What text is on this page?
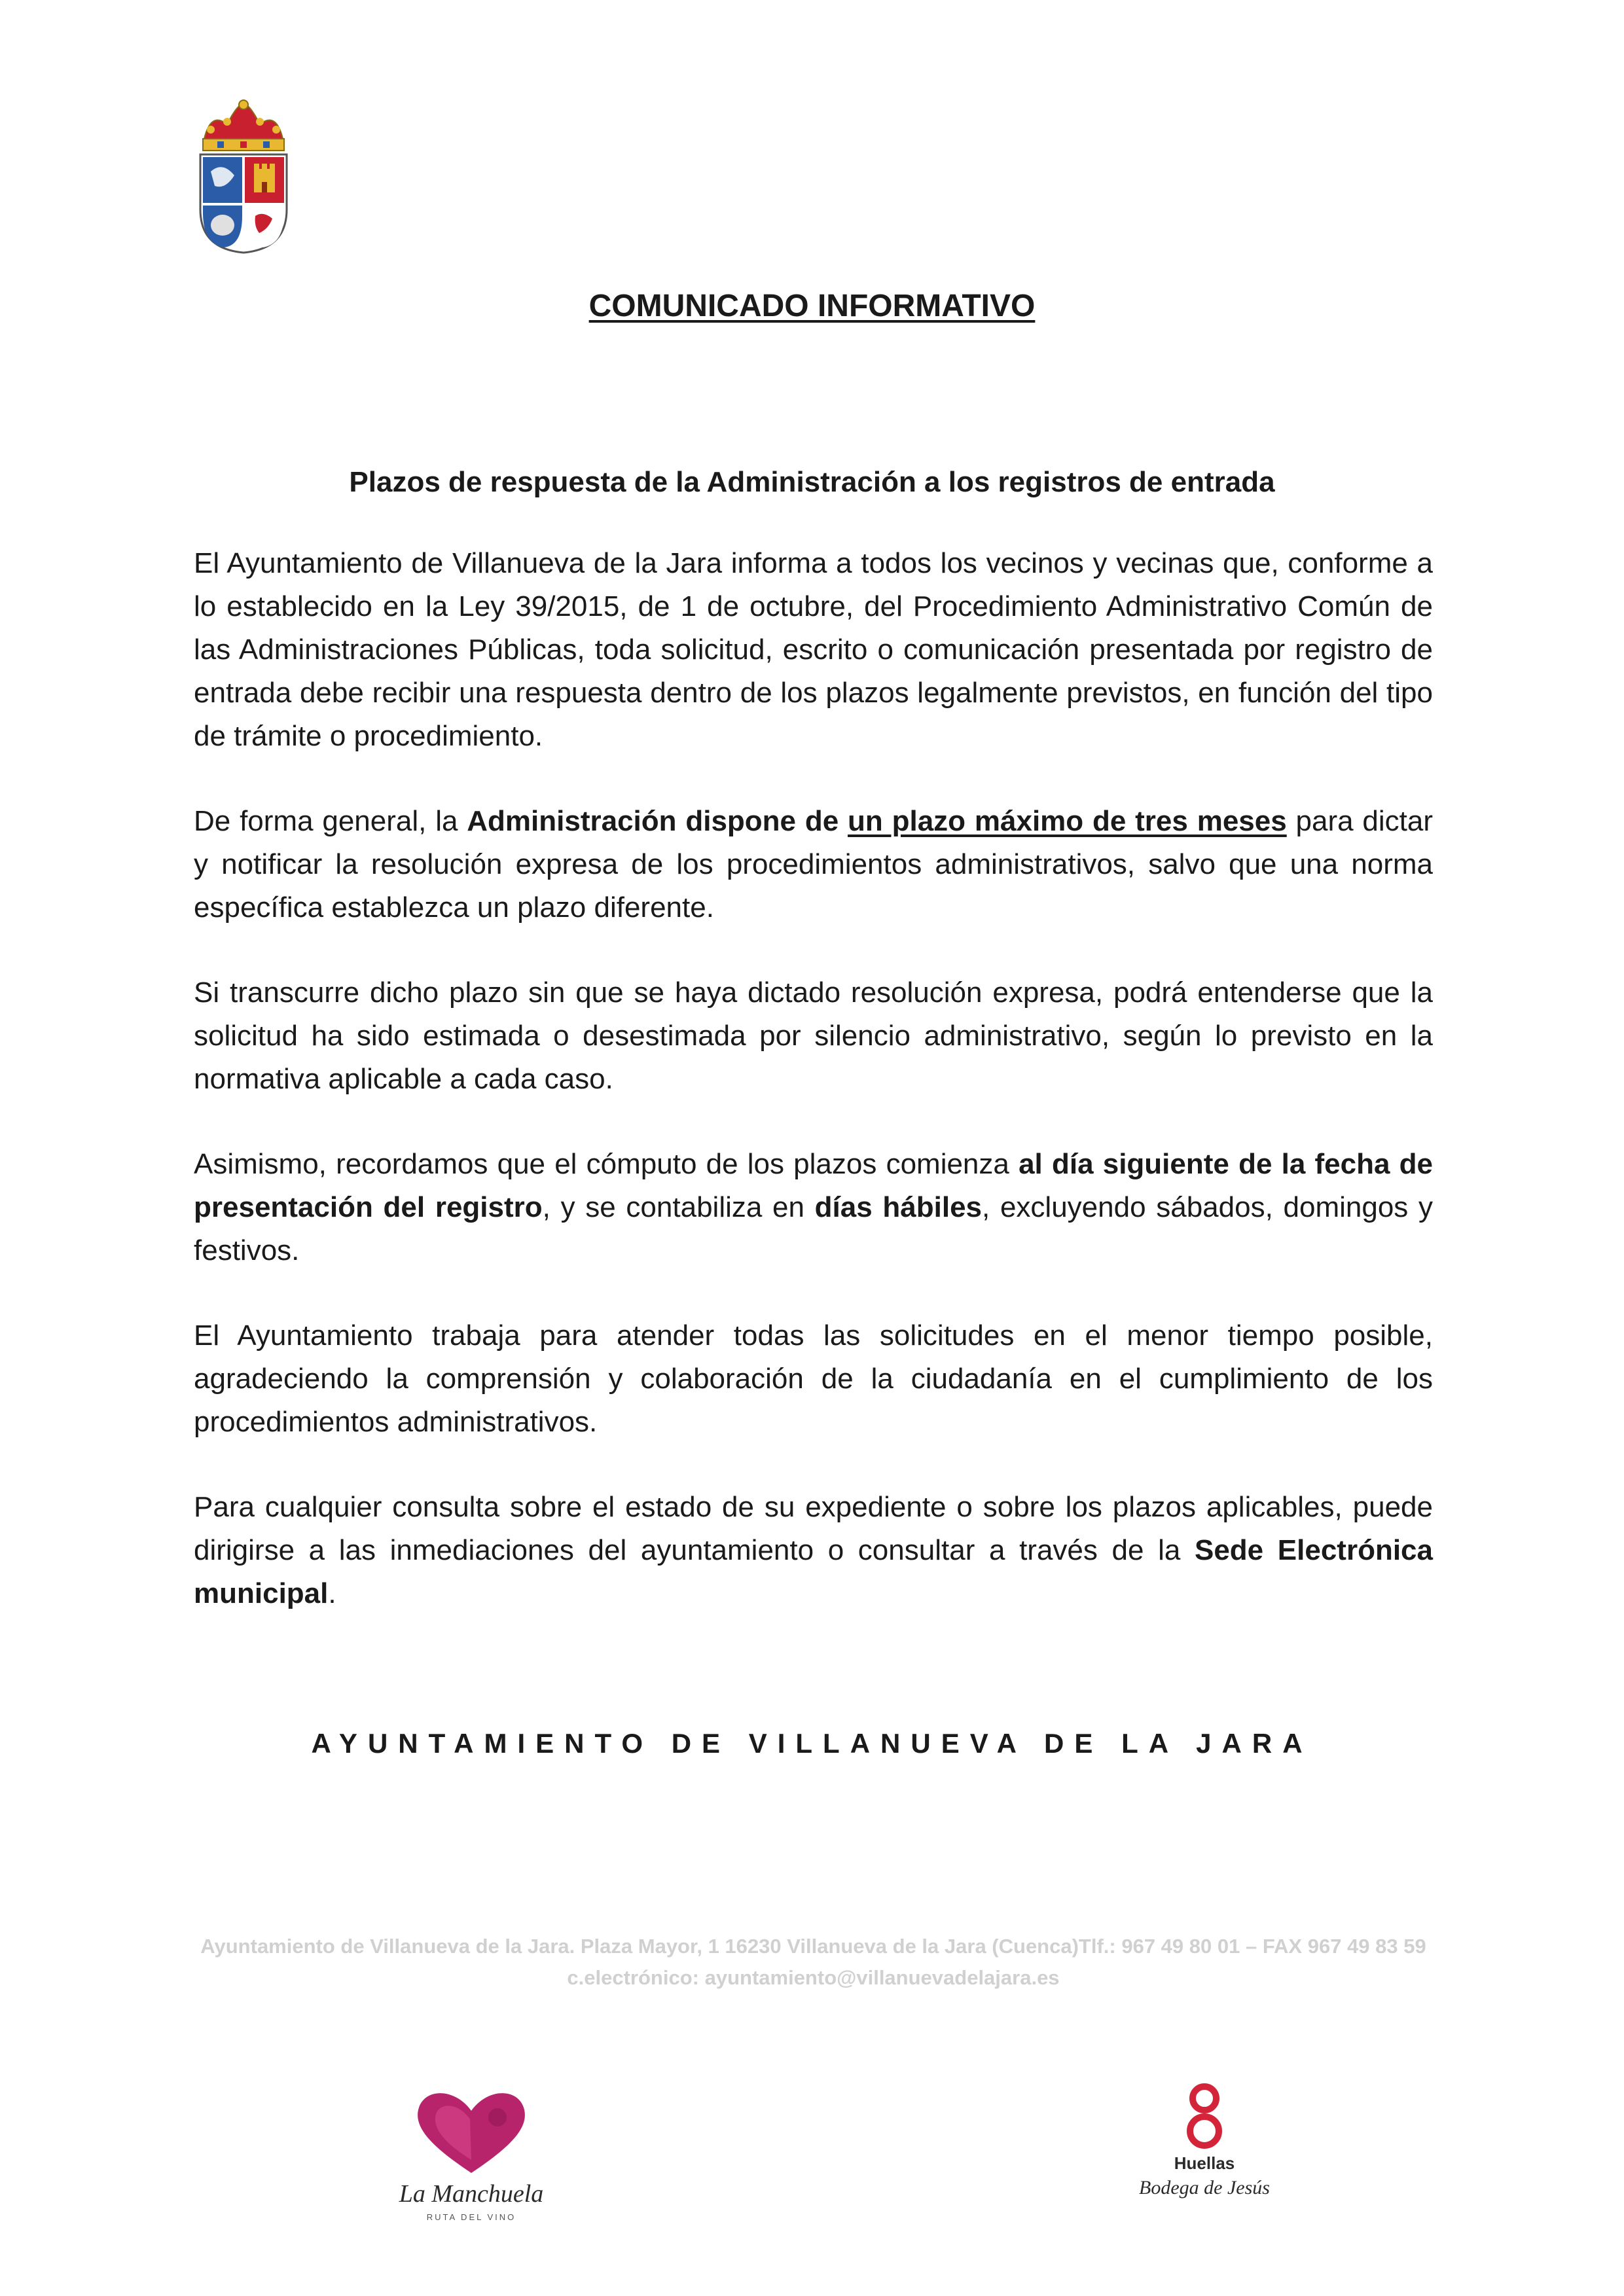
COMUNICADO INFORMATIVO
Plazos de respuesta de la Administración a los registros de entrada

El Ayuntamiento de Villanueva de la Jara informa a todos los vecinos y vecinas que, conforme a lo establecido en la Ley 39/2015, de 1 de octubre, del Procedimiento Administrativo Común de las Administraciones Públicas, toda solicitud, escrito o comunicación presentada por registro de entrada debe recibir una respuesta dentro de los plazos legalmente previstos, en función del tipo de trámite o procedimiento.

De forma general, la Administración dispone de un plazo máximo de tres meses para dictar y notificar la resolución expresa de los procedimientos administrativos, salvo que una norma específica establezca un plazo diferente.

Si transcurre dicho plazo sin que se haya dictado resolución expresa, podrá entenderse que la solicitud ha sido estimada o desestimada por silencio administrativo, según lo previsto en la normativa aplicable a cada caso.

Asimismo, recordamos que el cómputo de los plazos comienza al día siguiente de la fecha de presentación del registro, y se contabiliza en días hábiles, excluyendo sábados, domingos y festivos.

El Ayuntamiento trabaja para atender todas las solicitudes en el menor tiempo posible, agradeciendo la comprensión y colaboración de la ciudadanía en el cumplimiento de los procedimientos administrativos.

Para cualquier consulta sobre el estado de su expediente o sobre los plazos aplicables, puede dirigirse a las inmediaciones del ayuntamiento o consultar a través de la Sede Electrónica municipal.

AYUNTAMIENTO DE VILLANUEVA DE LA JARA
Ayuntamiento de Villanueva de la Jara. Plaza Mayor, 1 16230 Villanueva de la Jara (Cuenca)Tlf.: 967 49 80 01 – FAX 967 49 83 59 c.electrónico: ayuntamiento@villanuevadelajara.es
La Manchuela
RUTA DEL VINO
Huellas
Bodega de Jesús
